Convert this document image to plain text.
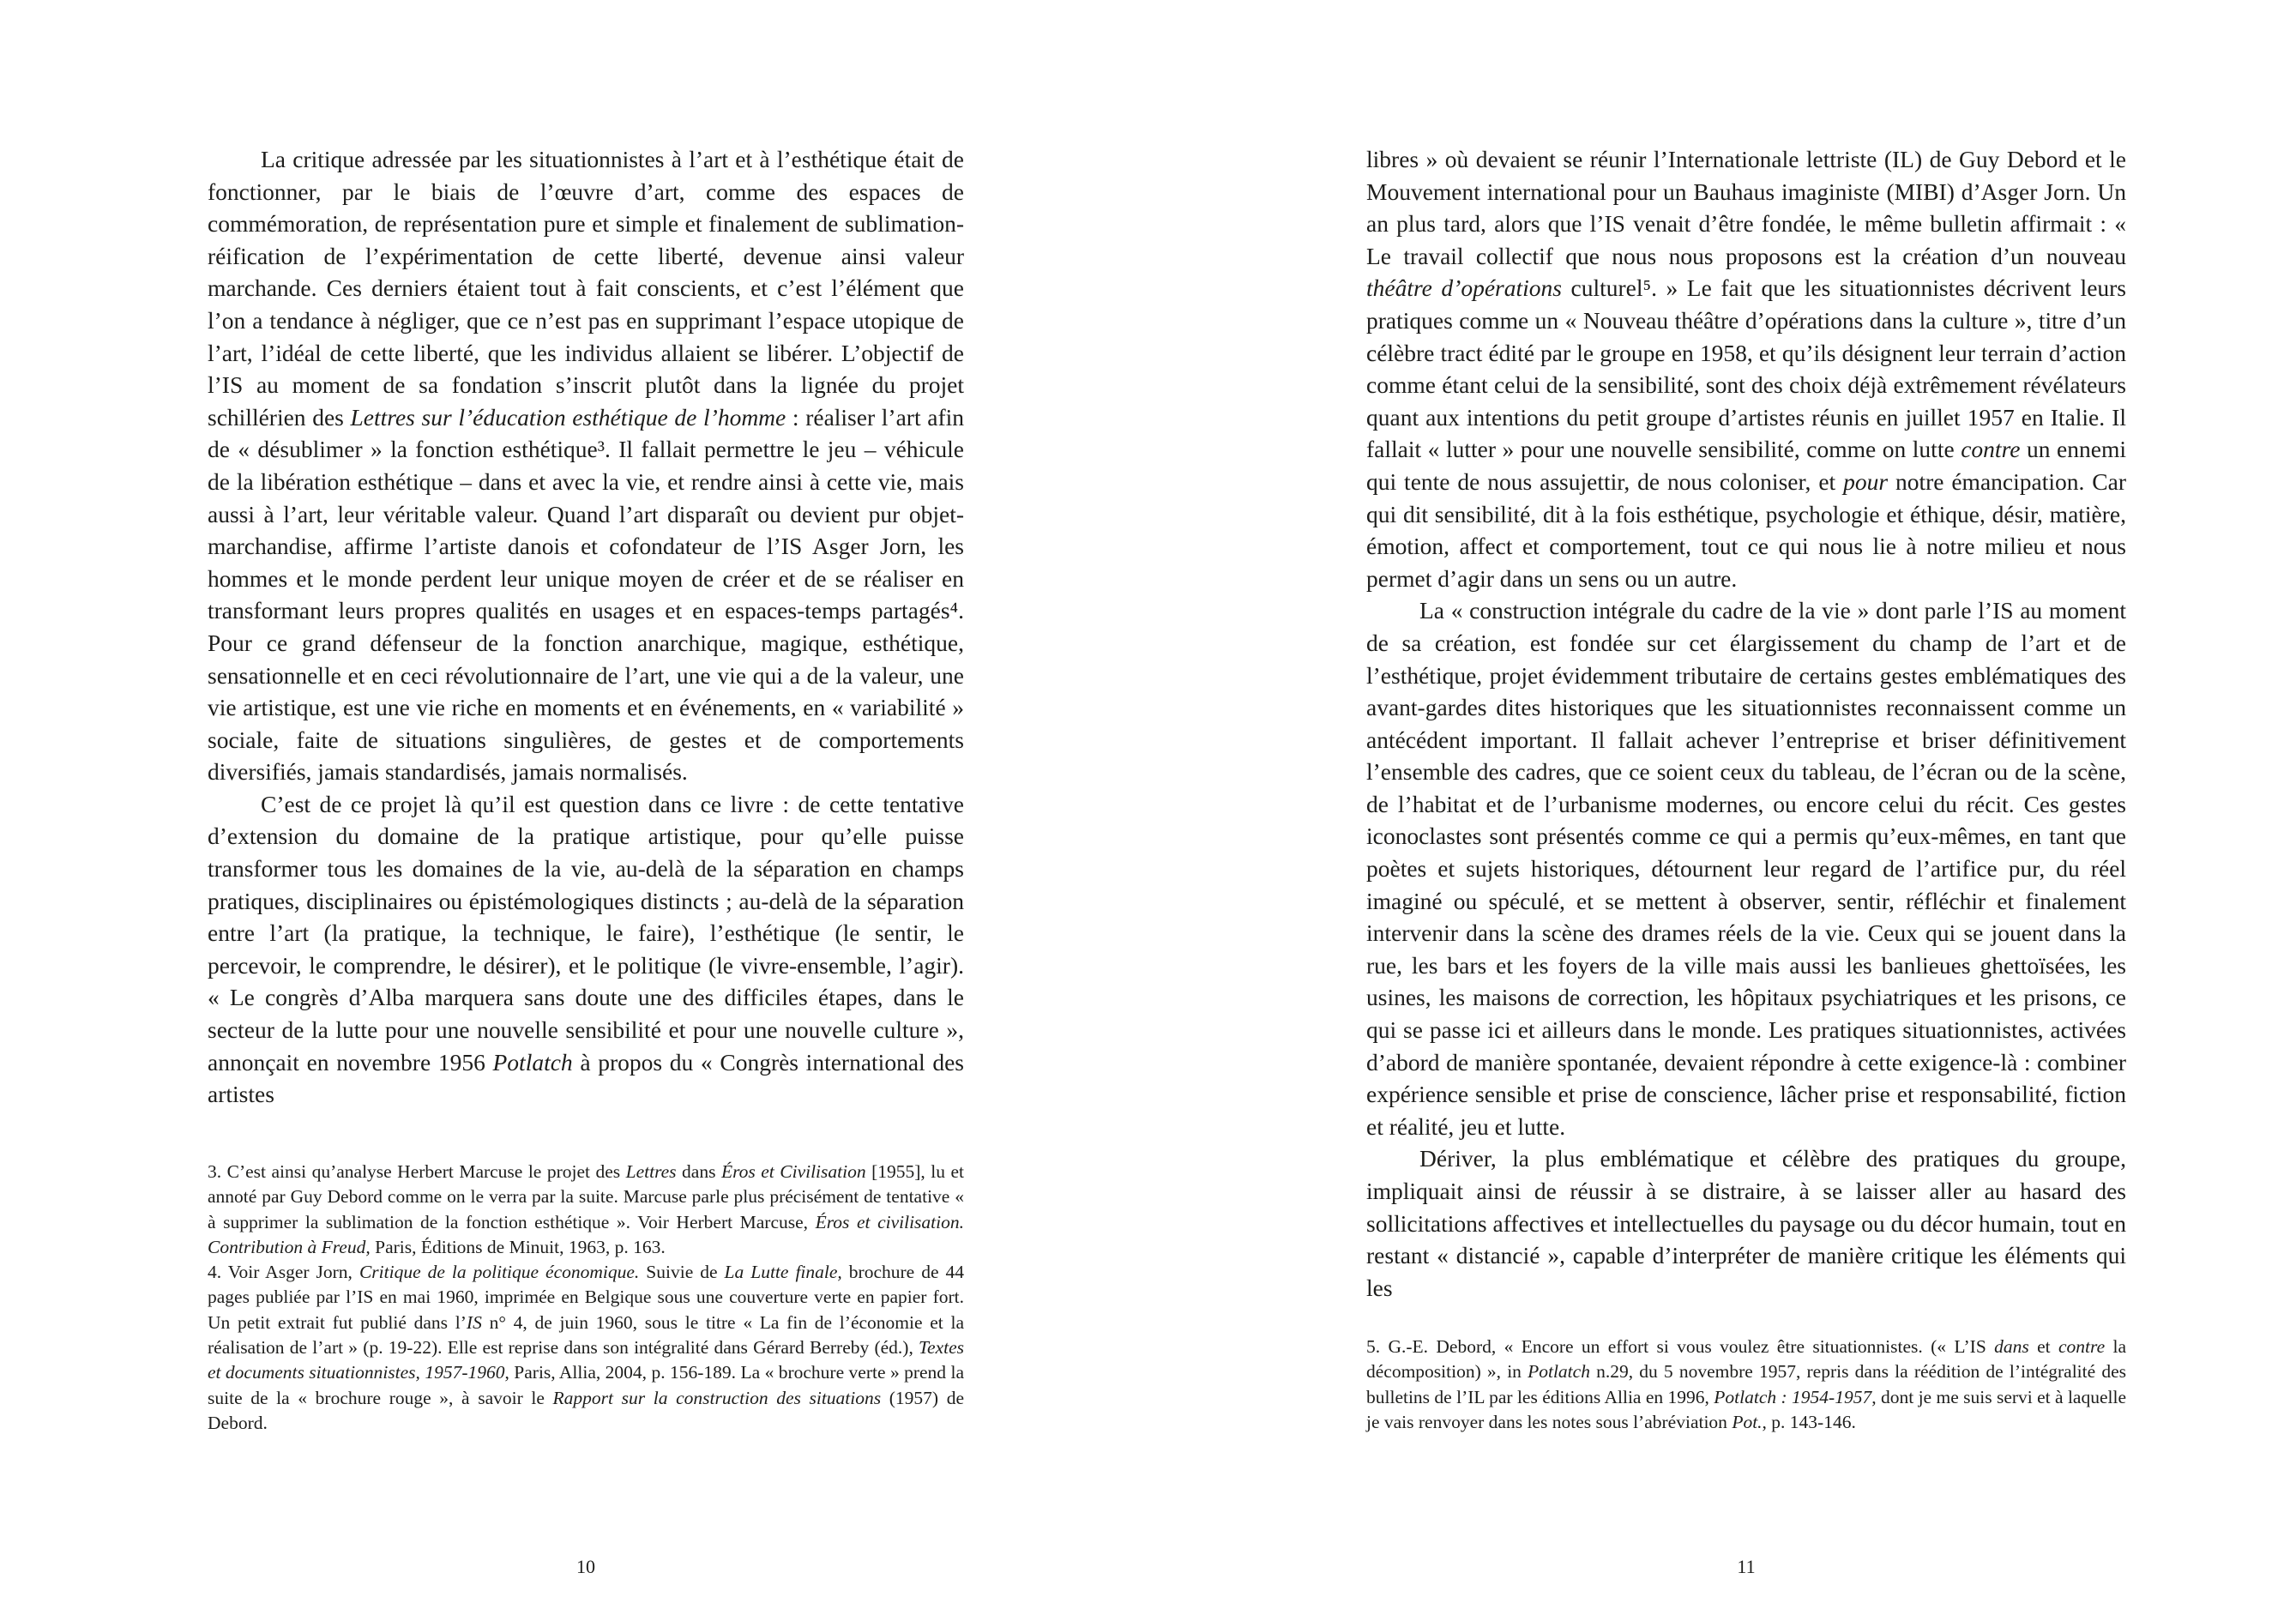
La critique adressée par les situationnistes à l’art et à l’esthétique était de fonctionner, par le biais de l’œuvre d’art, comme des espaces de commémoration, de représentation pure et simple et finalement de sublimation-réification de l’expérimentation de cette liberté, devenue ainsi valeur marchande. Ces derniers étaient tout à fait conscients, et c’est l’élément que l’on a tendance à négliger, que ce n’est pas en supprimant l’espace utopique de l’art, l’idéal de cette liberté, que les individus allaient se libérer. L’objectif de l’IS au moment de sa fondation s’inscrit plutôt dans la lignée du projet schillérien des Lettres sur l’éducation esthétique de l’homme : réaliser l’art afin de « désublimer » la fonction esthétique³. Il fallait permettre le jeu – véhicule de la libération esthétique – dans et avec la vie, et rendre ainsi à cette vie, mais aussi à l’art, leur véritable valeur. Quand l’art disparaît ou devient pur objet-marchandise, affirme l’artiste danois et cofondateur de l’IS Asger Jorn, les hommes et le monde perdent leur unique moyen de créer et de se réaliser en transformant leurs propres qualités en usages et en espaces-temps partagés⁴. Pour ce grand défenseur de la fonction anarchique, magique, esthétique, sensationnelle et en ceci révolutionnaire de l’art, une vie qui a de la valeur, une vie artistique, est une vie riche en moments et en événements, en « variabilité » sociale, faite de situations singulières, de gestes et de comportements diversifiés, jamais standardisés, jamais normalisés.

C’est de ce projet là qu’il est question dans ce livre : de cette tentative d’extension du domaine de la pratique artistique, pour qu’elle puisse transformer tous les domaines de la vie, au-delà de la séparation en champs pratiques, disciplinaires ou épistémologiques distincts ; au-delà de la séparation entre l’art (la pratique, la technique, le faire), l’esthétique (le sentir, le percevoir, le comprendre, le désirer), et le politique (le vivre-ensemble, l’agir). « Le congrès d’Alba marquera sans doute une des difficiles étapes, dans le secteur de la lutte pour une nouvelle sensibilité et pour une nouvelle culture », annonçait en novembre 1956 Potlatch à propos du « Congrès international des artistes

3. C’est ainsi qu’analyse Herbert Marcuse le projet des Lettres dans Éros et Civilisation [1955], lu et annoté par Guy Debord comme on le verra par la suite. Marcuse parle plus précisément de tentative « à supprimer la sublimation de la fonction esthétique ». Voir Herbert Marcuse, Éros et civilisation. Contribution à Freud, Paris, Éditions de Minuit, 1963, p. 163.

4. Voir Asger Jorn, Critique de la politique économique. Suivie de La Lutte finale, brochure de 44 pages publiée par l’IS en mai 1960, imprimée en Belgique sous une couverture verte en papier fort. Un petit extrait fut publié dans l’IS n° 4, de juin 1960, sous le titre « La fin de l’économie et la réalisation de l’art » (p. 19-22). Elle est reprise dans son intégralité dans Gérard Berreby (éd.), Textes et documents situationnistes, 1957-1960, Paris, Allia, 2004, p. 156-189. La « brochure verte » prend la suite de la « brochure rouge », à savoir le Rapport sur la construction des situations (1957) de Debord.

10

libres » où devaient se réunir l’Internationale lettriste (IL) de Guy Debord et le Mouvement international pour un Bauhaus imaginiste (MIBI) d’Asger Jorn. Un an plus tard, alors que l’IS venait d’être fondée, le même bulletin affirmait : « Le travail collectif que nous nous proposons est la création d’un nouveau théâtre d’opérations culturel⁵. » Le fait que les situationnistes décrivent leurs pratiques comme un « Nouveau théâtre d’opérations dans la culture », titre d’un célèbre tract édité par le groupe en 1958, et qu’ils désignent leur terrain d’action comme étant celui de la sensibilité, sont des choix déjà extrêmement révélateurs quant aux intentions du petit groupe d’artistes réunis en juillet 1957 en Italie. Il fallait « lutter » pour une nouvelle sensibilité, comme on lutte contre un ennemi qui tente de nous assujettir, de nous coloniser, et pour notre émancipation. Car qui dit sensibilité, dit à la fois esthétique, psychologie et éthique, désir, matière, émotion, affect et comportement, tout ce qui nous lie à notre milieu et nous permet d’agir dans un sens ou un autre.

La « construction intégrale du cadre de la vie » dont parle l’IS au moment de sa création, est fondée sur cet élargissement du champ de l’art et de l’esthétique, projet évidemment tributaire de certains gestes emblématiques des avant-gardes dites historiques que les situationnistes reconnaissent comme un antécédent important. Il fallait achever l’entreprise et briser définitivement l’ensemble des cadres, que ce soient ceux du tableau, de l’écran ou de la scène, de l’habitat et de l’urbanisme modernes, ou encore celui du récit. Ces gestes iconoclastes sont présentés comme ce qui a permis qu’eux-mêmes, en tant que poètes et sujets historiques, détournent leur regard de l’artifice pur, du réel imaginé ou spéculé, et se mettent à observer, sentir, réfléchir et finalement intervenir dans la scène des drames réels de la vie. Ceux qui se jouent dans la rue, les bars et les foyers de la ville mais aussi les banlieues ghettoïsées, les usines, les maisons de correction, les hôpitaux psychiatriques et les prisons, ce qui se passe ici et ailleurs dans le monde. Les pratiques situationnistes, activées d’abord de manière spontanée, devaient répondre à cette exigence-là : combiner expérience sensible et prise de conscience, lâcher prise et responsabilité, fiction et réalité, jeu et lutte.

Dériver, la plus emblématique et célèbre des pratiques du groupe, impliquait ainsi de réussir à se distraire, à se laisser aller au hasard des sollicitations affectives et intellectuelles du paysage ou du décor humain, tout en restant « distancié », capable d’interpréter de manière critique les éléments qui les

5. G.-E. Debord, « Encore un effort si vous voulez être situationnistes. (« L’IS dans et contre la décomposition) », in Potlatch n.29, du 5 novembre 1957, repris dans la réédition de l’intégralité des bulletins de l’IL par les éditions Allia en 1996, Potlatch : 1954-1957, dont je me suis servi et à laquelle je vais renvoyer dans les notes sous l’abréviation Pot., p. 143-146.

11
